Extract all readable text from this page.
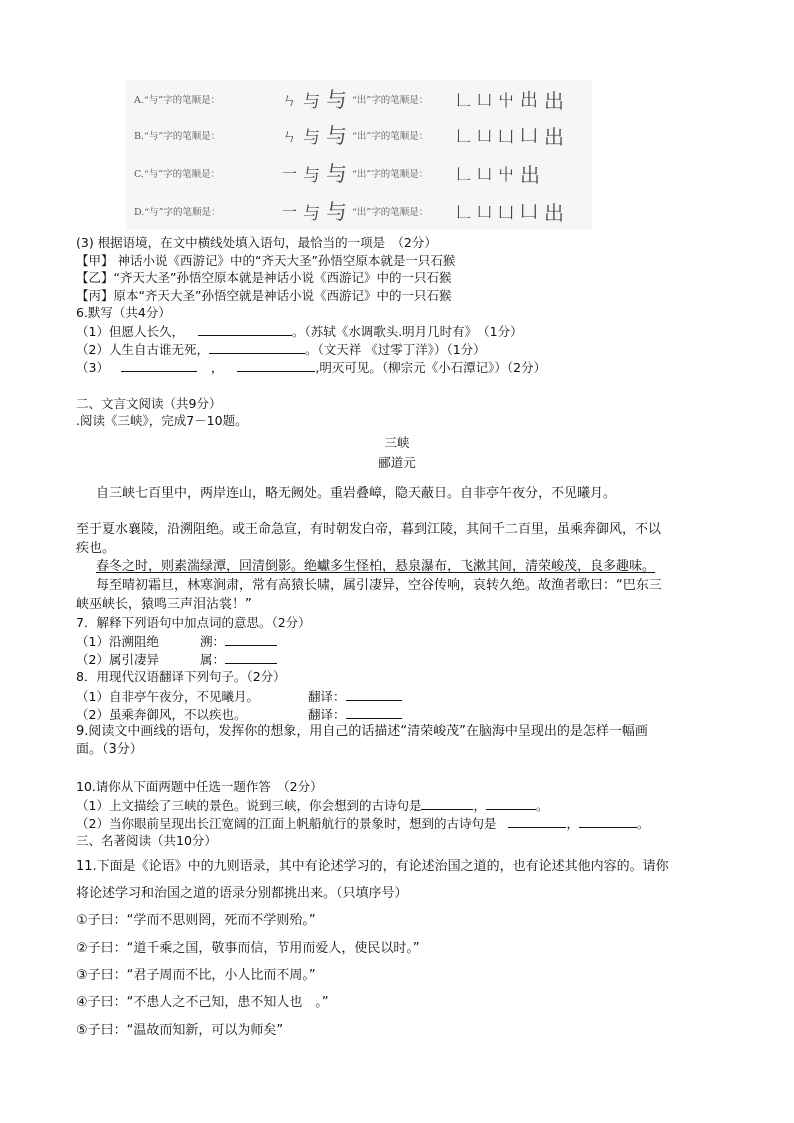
A.“与”字的笔顺是：	ㄣ 与 与 “出”字的笔顺是：	𠃊 凵 屮 出 出
B.“与”字的笔顺是：	ㄣ 与 与 “出”字的笔顺是：	𠃊 凵 凵 凵 出
C.“与”字的笔顺是：	一 与 与 “出”字的笔顺是：	𠃊 凵 屮 出
D.“与”字的笔顺是：	一 与 与 “出”字的笔顺是：	𠃊 凵 凵 凵 出
(3) 根据语境，在文中横线处填入语句，最恰当的一项是　（2分）
【甲】 神话小说《西游记》中的“齐天大圣”孙悟空原本就是一只石猴
【乙】“齐天大圣”孙悟空原本就是神话小说《西游记》中的一只石猴
【丙】原本“齐天大圣”孙悟空就是神话小说《西游记》中的一只石猴
6.默写（共4分）
（1）但愿人长久，	。（苏轼《水调歌头.明月几时有》　（1分）
（2）人生自古谁无死，	。（文天祥 《过零丁洋》）（1分）
（3）	，	,明灭可见。（柳宗元《小石潭记》）（2分）
二、文言文阅读（共9分）
.阅读《三峡》，完成7－10题。
三峡
郦道元
自三峡七百里中，两岸连山，略无阙处。重岩叠嶂，隐天蔽日。自非亭午夜分，不见曦月。
至于夏水襄陵，沿溯阻绝。或王命急宣，有时朝发白帝，暮到江陵，其间千二百里，虽乘奔御风，不以
疾也。
春冬之时，则素湍绿潭，回清倒影。绝巘多生怪柏，悬泉瀑布，飞漱其间，清荣峻茂，良多趣味。
每至晴初霜旦，林寒涧肃，常有高猿长啸，属引凄异，空谷传响，哀转久绝。故渔者歌曰：“巴东三
峡巫峡长，猿鸣三声泪沾裳！”
7．解释下列语句中加点词的意思。（2分）
（1）沿溯阻绝	溯：
（2）属引凄异	属：
8．用现代汉语翻译下列句子。（2分）
（1）自非亭午夜分，不见曦月。	翻译：
（2）虽乘奔御风，不以疾也。	翻译：
9.阅读文中画线的语句，发挥你的想象，用自己的话描述“清荣峻茂”在脑海中呈现出的是怎样一幅画
面。（3分）
10.请你从下面两题中任选一题作答　（2分）
（1）上文描绘了三峡的景色。说到三峡，你会想到的古诗句是	，	。
（2）当你眼前呈现出长江宽阔的江面上帆船航行的景象时，想到的古诗句是	，	。
三、名著阅读（共10分）
11.下面是《论语》中的九则语录，其中有论述学习的，有论述治国之道的，也有论述其他内容的。请你
将论述学习和治国之道的语录分别都挑出来。（只填序号）
①子曰：“学而不思则罔，死而不学则殆。”
②子曰：“道千乘之国，敬事而信，节用而爱人，使民以时。”
③子曰：“君子周而不比，小人比而不周。”
④子曰：“不患人之不己知，患不知人也　。”
⑤子曰：“温故而知新，可以为师矣”
